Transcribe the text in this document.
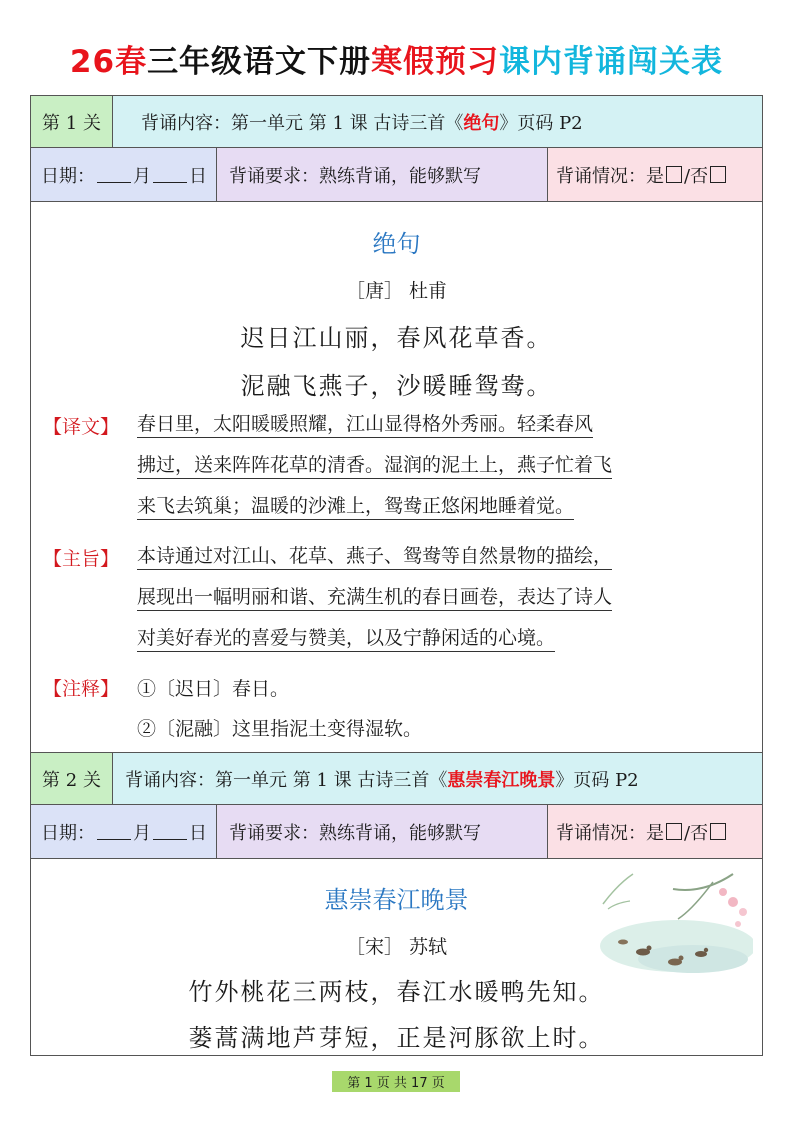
26春三年级语文下册寒假预习课内背诵闯关表
第 1 关	背诵内容：第一单元 第 1 课 古诗三首《 绝句 》页码 P2
日期： 月 日	背诵要求：熟练背诵，能够默写	背诵情况：是 /否
绝句
［唐］ 杜甫
迟日江山丽，春风花草香。
泥融飞燕子，沙暖睡鸳鸯。
【译文】 春日里，太阳暖暖照耀，江山显得格外秀丽。轻柔春风
拂过，送来阵阵花草的清香。湿润的泥土上，燕子忙着飞
来飞去筑巢；温暖的沙滩上，鸳鸯正悠闲地睡着觉。
【主旨】 本诗通过对江山、花草、燕子、鸳鸯等自然景物的描绘，
展现出一幅明丽和谐、充满生机的春日画卷，表达了诗人
对美好春光的喜爱与赞美，以及宁静闲适的心境。
【注释】 ①〔迟日〕春日。
②〔泥融〕这里指泥土变得湿软。
第 2 关	背诵内容：第一单元 第 1 课 古诗三首《 惠崇春江晚景 》页码 P2
日期： 月 日	背诵要求：熟练背诵，能够默写	背诵情况：是 /否
惠崇春江晚景
［宋］ 苏轼
竹外桃花三两枝，春江水暖鸭先知。
蒌蒿满地芦芽短，正是河豚欲上时。
第 1 页 共 17 页
